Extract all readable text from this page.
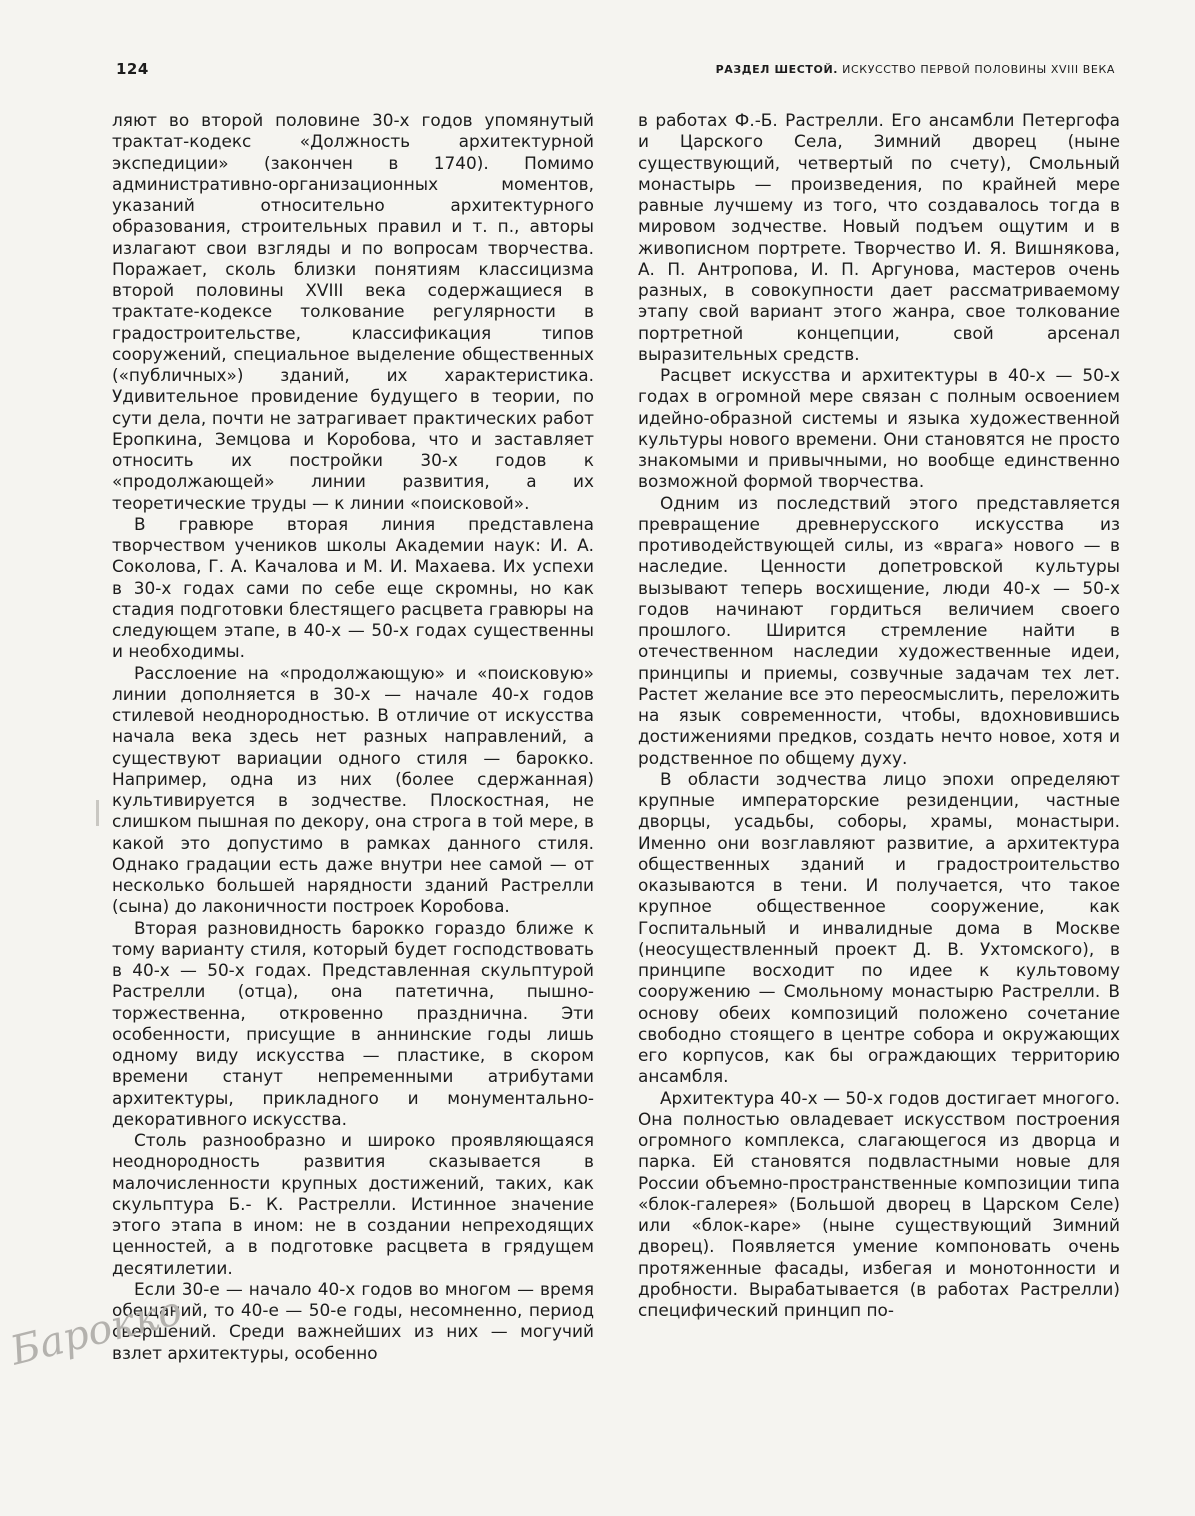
124	РАЗДЕЛ ШЕСТОЙ. ИСКУССТВО ПЕРВОЙ ПОЛОВИНЫ XVIII ВЕКА

ляют во второй половине 30-х годов упомянутый трактат-кодекс «Должность архитектурной экспедиции» (закончен в 1740). Помимо административно-организационных моментов, указаний относительно архитектурного образования, строительных правил и т. п., авторы излагают свои взгляды и по вопросам творчества. Поражает, сколь близки понятиям классицизма второй половины XVIII века содержащиеся в трактате-кодексе толкование регулярности в градостроительстве, классификация типов сооружений, специальное выделение общественных («публичных») зданий, их характеристика. Удивительное провидение будущего в теории, по сути дела, почти не затрагивает практических работ Еропкина, Земцова и Коробова, что и заставляет относить их постройки 30-х годов к «продолжающей» линии развития, а их теоретические труды — к линии «поисковой».

В гравюре вторая линия представлена творчеством учеников школы Академии наук: И. А. Соколова, Г. А. Качалова и М. И. Махаева. Их успехи в 30-х годах сами по себе еще скромны, но как стадия подготовки блестящего расцвета гравюры на следующем этапе, в 40-х — 50-х годах существенны и необходимы.

Расслоение на «продолжающую» и «поисковую» линии дополняется в 30-х — начале 40-х годов стилевой неоднородностью. В отличие от искусства начала века здесь нет разных направлений, а существуют вариации одного стиля — барокко. Например, одна из них (более сдержанная) культивируется в зодчестве. Плоскостная, не слишком пышная по декору, она строга в той мере, в какой это допустимо в рамках данного стиля. Однако градации есть даже внутри нее самой — от несколько большей нарядности зданий Растрелли (сына) до лаконичности построек Коробова.

Вторая разновидность барокко гораздо ближе к тому варианту стиля, который будет господствовать в 40-х — 50-х годах. Представленная скульптурой Растрелли (отца), она патетична, пышно-торжественна, откровенно празднична. Эти особенности, присущие в аннинские годы лишь одному виду искусства — пластике, в скором времени станут непременными атрибутами архитектуры, прикладного и монументально-декоративного искусства.

Столь разнообразно и широко проявляющаяся неоднородность развития сказывается в малочисленности крупных достижений, таких, как скульптура Б.- К. Растрелли. Истинное значение этого этапа в ином: не в создании непреходящих ценностей, а в подготовке расцвета в грядущем десятилетии.

Если 30-е — начало 40-х годов во многом — время обещаний, то 40-е — 50-е годы, несомненно, период свершений. Среди важнейших из них — могучий взлет архитектуры, особенно

в работах Ф.-Б. Растрелли. Его ансамбли Петергофа и Царского Села, Зимний дворец (ныне существующий, четвертый по счету), Смольный монастырь — произведения, по крайней мере равные лучшему из того, что создавалось тогда в мировом зодчестве. Новый подъем ощутим и в живописном портрете. Творчество И. Я. Вишнякова, А. П. Антропова, И. П. Аргунова, мастеров очень разных, в совокупности дает рассматриваемому этапу свой вариант этого жанра, свое толкование портретной концепции, свой арсенал выразительных средств.

Расцвет искусства и архитектуры в 40-х — 50-х годах в огромной мере связан с полным освоением идейно-образной системы и языка художественной культуры нового времени. Они становятся не просто знакомыми и привычными, но вообще единственно возможной формой творчества.

Одним из последствий этого представляется превращение древнерусского искусства из противодействующей силы, из «врага» нового — в наследие. Ценности допетровской культуры вызывают теперь восхищение, люди 40-х — 50-х годов начинают гордиться величием своего прошлого. Ширится стремление найти в отечественном наследии художественные идеи, принципы и приемы, созвучные задачам тех лет. Растет желание все это переосмыслить, переложить на язык современности, чтобы, вдохновившись достижениями предков, создать нечто новое, хотя и родственное по общему духу.

В области зодчества лицо эпохи определяют крупные императорские резиденции, частные дворцы, усадьбы, соборы, храмы, монастыри. Именно они возглавляют развитие, а архитектура общественных зданий и градостроительство оказываются в тени. И получается, что такое крупное общественное сооружение, как Госпитальный и инвалидные дома в Москве (неосуществленный проект Д. В. Ухтомского), в принципе восходит по идее к культовому сооружению — Смольному монастырю Растрелли. В основу обеих композиций положено сочетание свободно стоящего в центре собора и окружающих его корпусов, как бы ограждающих территорию ансамбля.

Архитектура 40-х — 50-х годов достигает многого. Она полностью овладевает искусством построения огромного комплекса, слагающегося из дворца и парка. Ей становятся подвластными новые для России объемно-пространственные композиции типа «блок-галерея» (Большой дворец в Царском Селе) или «блок-каре» (ныне существующий Зимний дворец). Появляется умение компоновать очень протяженные фасады, избегая и монотонности и дробности. Вырабатывается (в работах Растрелли) специфический принцип по-

Барокко
